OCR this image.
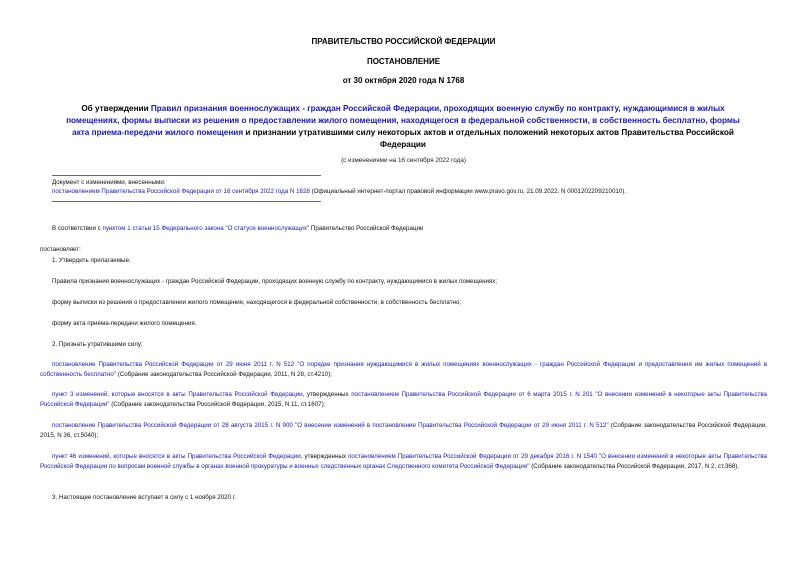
ПРАВИТЕЛЬСТВО РОССИЙСКОЙ ФЕДЕРАЦИИ
ПОСТАНОВЛЕНИЕ
от 30 октября 2020 года N 1768
Об утверждении Правил признания военнослужащих - граждан Российской Федерации, проходящих военную службу по контракту, нуждающимися в жилых помещениях, формы выписки из решения о предоставлении жилого помещения, находящегося в федеральной собственности, в собственность бесплатно, формы акта приема-передачи жилого помещения и признании утратившими силу некоторых актов и отдельных положений некоторых актов Правительства Российской Федерации
(с изменениями на 16 сентября 2022 года)
Документ с изменениями, внесенными:
постановлением Правительства Российской Федерации от 16 сентября 2022 года N 1628 (Официальный интернет-портал правовой информации www.pravo.gov.ru, 21.09.2022, N 0001202209210010).
В соответствии с пунктом 1 статьи 15 Федерального закона "О статусе военнослужащих" Правительство Российской Федерации
постановляет:
1. Утвердить прилагаемые:
Правила признания военнослужащих - граждан Российской Федерации, проходящих военную службу по контракту, нуждающимися в жилых помещениях;
форму выписки из решения о предоставлении жилого помещения, находящегося в федеральной собственности, в собственность бесплатно;
форму акта приема-передачи жилого помещения.
2. Признать утратившими силу:
постановление Правительства Российской Федерации от 29 июня 2011 г. N 512 "О порядке признания нуждающимися в жилых помещениях военнослужащих - граждан Российской Федерации и предоставления им жилых помещений в собственность бесплатно" (Собрание законодательства Российской Федерации, 2011, N 28, ст.4210);
пункт 3 изменений, которые вносятся в акты Правительства Российской Федерации, утвержденных постановлением Правительства Российской Федерации от 6 марта 2015 г. N 201 "О внесении изменений в некоторые акты Правительства Российской Федерации" (Собрание законодательства Российской Федерации, 2015, N 11, ст.1607);
постановление Правительства Российской Федерации от 28 августа 2015 г. N 900 "О внесении изменений в постановление Правительства Российской Федерации от 29 июня 2011 г. N 512" (Собрание законодательства Российской Федерации, 2015, N 36, ст.5040);
пункт 46 изменений, которые вносятся в акты Правительства Российской Федерации, утвержденных постановлением Правительства Российской Федерации от 29 декабря 2016 г. N 1540 "О внесении изменений в некоторые акты Правительства Российской Федерации по вопросам военной службы в органах военной прокуратуры и военных следственных органах Следственного комитета Российской Федерации" (Собрание законодательства Российской Федерации, 2017, N 2, ст.368).
3. Настоящее постановление вступает в силу с 1 ноября 2020 г.
